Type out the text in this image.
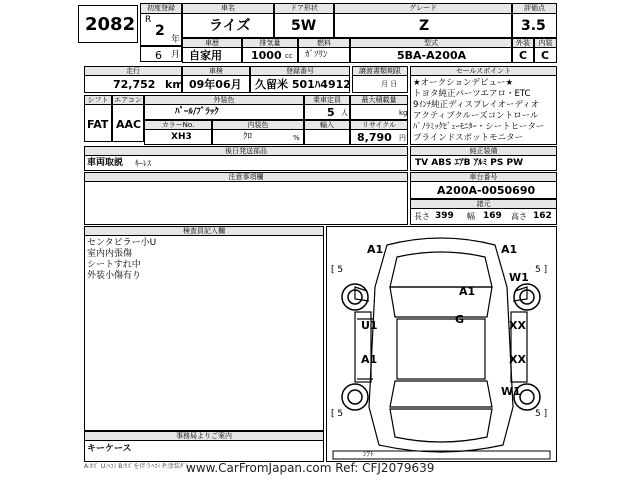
2082
初度登録
R
2
年
6 月
車名
ライズ
ドア形状
5W
グレード
Z
評価点
3.5
車歴
自家用
排気量
1000 cc
燃料
ｶﾞｿﾘﾝ
型式
5BA-A200A
外装	内装
C C
走行
72,752 km
車検
09年06月
登録番号
久留米 501ﾊ4912
譲渡書類期限
月 日
シフト エアコン
FAT AAC
外装色
ﾊﾟｰﾙ/ﾌﾞﾗｯｸ
乗車定員
5 人
最大積載量
kg
カラーNo.	内装色	輸入	リサイクル
XH3	ｸﾛ	%	8,790 円
後日発送部品
車両取説 ｷｰﾚｽ
セールスポイント
★オークションデビュー★
トヨタ純正パーツエアロ・ETC
9ｲﾝﾁ純正ディスプレイオーディオ
アクティブクルーズコントロール
ﾊﾟﾉﾗﾐｯｸﾋﾞｭｰﾓﾆﾀｰ・シートヒーター
ブラインドスポットモニター
純正装備
TV ABS ｴｱB ｱﾙﾐ PS PW
注意事項欄	車台番号
A200A-0050690
諸元
長さ 399 幅 169 高さ 162
検査員記入欄
センタピラー小U
室内内張傷
シートすれ中
外装小傷有り
事務局よりご案内
キーケース
A1	A1
W1
A1
U1	G	XX
A1	XX
W1
[ 5	5 ]
[ 5	5 ]
ｼﾌﾄ
A:ｷｽﾞ U:ﾍｺﾐ B:ｷｽﾞを伴うﾍｺﾐ P:塗装ﾀﾞﾚ...
www.CarFromJapan.com Ref: CFJ2079639
